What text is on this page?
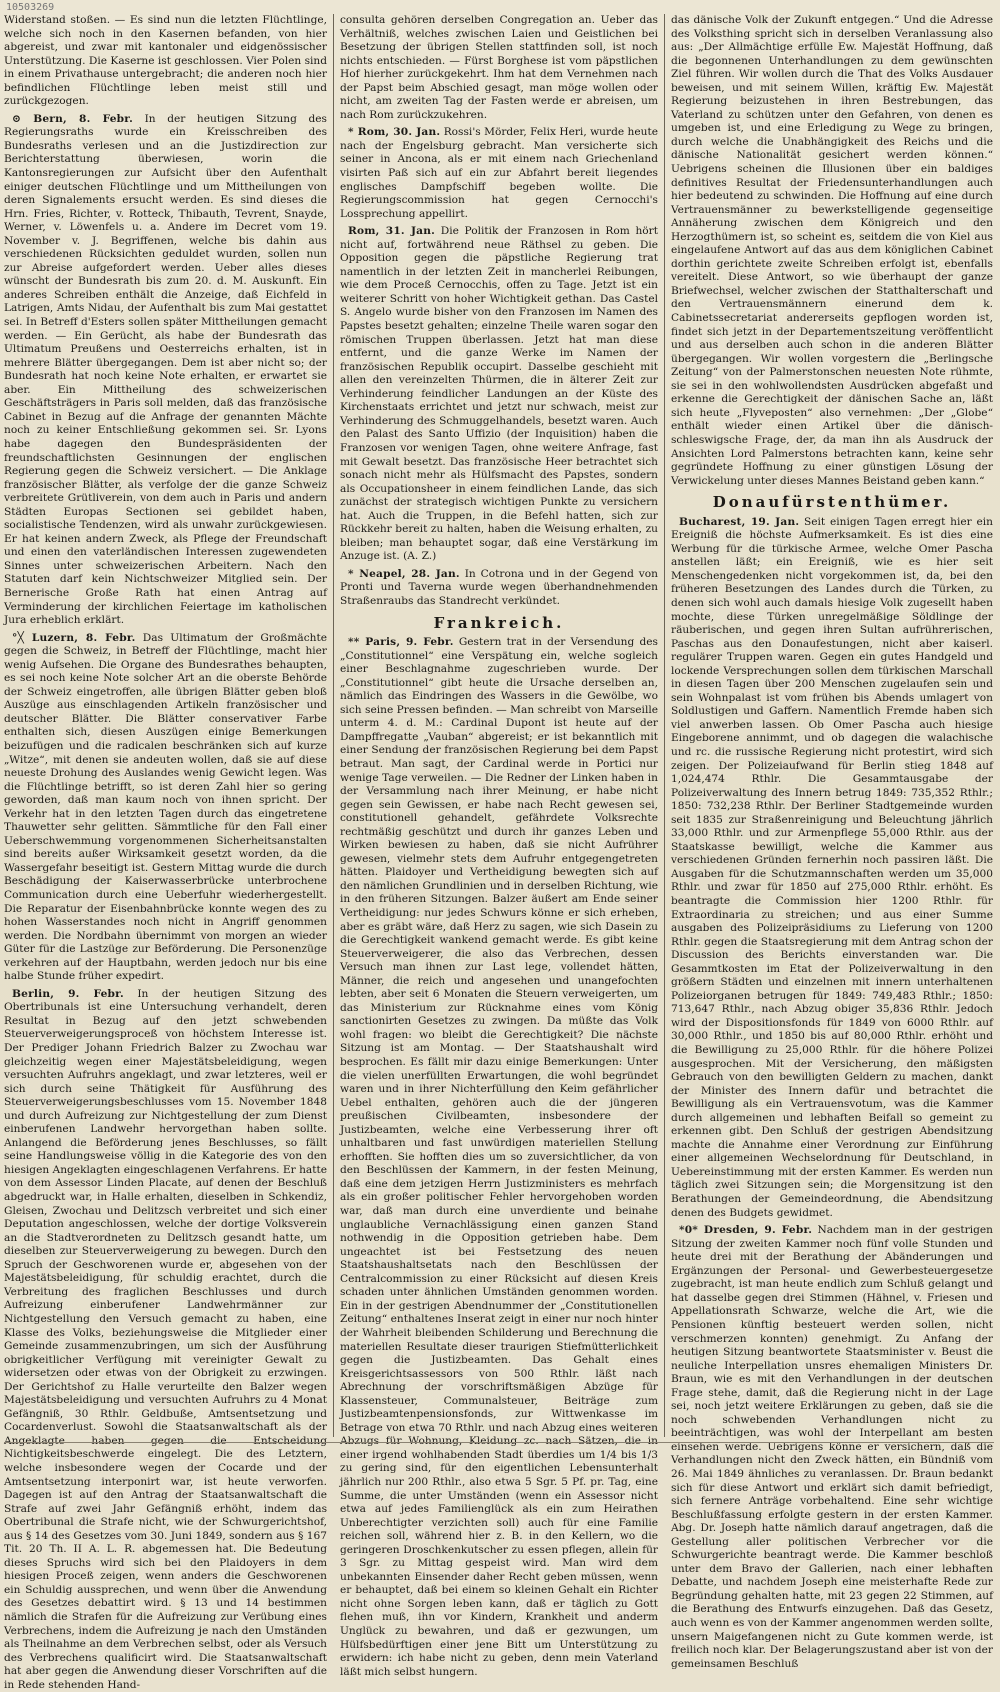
10503269

Widerstand stoßen. — Es sind nun die letzten Flüchtlinge, welche sich noch in den Kasernen befanden, von hier abgereist, und zwar mit kantonaler und eidgenössischer Unterstützung. Die Kaserne ist geschlossen. Vier Polen sind in einem Privathause untergebracht; die anderen noch hier befindlichen Flüchtlinge leben meist still und zurückgezogen.

⊙ Bern, 8. Febr. In der heutigen Sitzung des Regierungsraths wurde ein Kreisschreiben des Bundesraths verlesen und an die Justizdirection zur Berichterstattung überwiesen, worin die Kantonsregierungen zur Aufsicht über den Aufenthalt einiger deutschen Flüchtlinge und um Mittheilungen von deren Signalements ersucht werden. Es sind dieses die Hrn. Fries, Richter, v. Rotteck, Thibauth, Tevrent, Snayde, Werner, v. Löwenfels u. a. Andere im Decret vom 19. November v. J. Begriffenen, welche bis dahin aus verschiedenen Rücksichten geduldet wurden, sollen nun zur Abreise aufgefordert werden. Ueber alles dieses wünscht der Bundesrath bis zum 20. d. M. Auskunft. Ein anderes Schreiben enthält die Anzeige, daß Eichfeld in Latrigen, Amts Nidau, der Aufenthalt bis zum Mai gestattet sei. In Betreff d'Esters sollen später Mittheilungen gemacht werden. — Ein Gerücht, als habe der Bundesrath das Ultimatum Preußens und Oesterreichs erhalten, ist in mehrere Blätter übergegangen. Dem ist aber nicht so; der Bundesrath hat noch keine Note erhalten, er erwartet sie aber. Ein Mittheilung des schweizerischen Geschäftsträgers in Paris soll melden, daß das französische Cabinet in Bezug auf die Anfrage der genannten Mächte noch zu keiner Entschließung gekommen sei. Sr. Lyons habe dagegen den Bundespräsidenten der freundschaftlichsten Gesinnungen der englischen Regierung gegen die Schweiz versichert. — Die Anklage französischer Blätter, als verfolge der die ganze Schweiz verbreitete Grütliverein, von dem auch in Paris und andern Städten Europas Sectionen sei gebildet haben, socialistische Tendenzen, wird als unwahr zurückgewiesen. Er hat keinen andern Zweck, als Pflege der Freundschaft und einen den vaterländischen Interessen zugewendeten Sinnes unter schweizerischen Arbeitern. Nach den Statuten darf kein Nichtschweizer Mitglied sein. Der Bernerische Große Rath hat einen Antrag auf Verminderung der kirchlichen Feiertage im katholischen Jura erheblich erklärt.

°╳ Luzern, 8. Febr. Das Ultimatum der Großmächte gegen die Schweiz, in Betreff der Flüchtlinge, macht hier wenig Aufsehen. Die Organe des Bundesrathes behaupten, es sei noch keine Note solcher Art an die oberste Behörde der Schweiz eingetroffen, alle übrigen Blätter geben bloß Auszüge aus einschlagenden Artikeln französischer und deutscher Blätter. Die Blätter conservativer Farbe enthalten sich, diesen Auszügen einige Bemerkungen beizufügen und die radicalen beschränken sich auf kurze „Witze“, mit denen sie andeuten wollen, daß sie auf diese neueste Drohung des Auslandes wenig Gewicht legen. Was die Flüchtlinge betrifft, so ist deren Zahl hier so gering geworden, daß man kaum noch von ihnen spricht. Der Verkehr hat in den letzten Tagen durch das eingetretene Thauwetter sehr gelitten. Sämmtliche für den Fall einer Ueberschwemmung vorgenommenen Sicherheitsanstalten sind bereits außer Wirksamkeit gesetzt worden, da die Wassergefahr beseitigt ist. Gestern Mittag wurde die durch Beschädigung der Kaiserwasserbrücke unterbrochene Communication durch eine Ueberfuhr wiederhergestellt. Die Reparatur der Eisenbahnbrücke konnte wegen des zu hohen Wasserstandes noch nicht in Angriff genommen werden. Die Nordbahn übernimmt von morgen an wieder Güter für die Lastzüge zur Beförderung. Die Personenzüge verkehren auf der Hauptbahn, werden jedoch nur bis eine halbe Stunde früher expedirt.

Berlin, 9. Febr. In der heutigen Sitzung des Obertribunals ist eine Untersuchung verhandelt, deren Resultat in Bezug auf den jetzt schwebenden Steuerverweigerungsproceß von höchstem Interesse ist. Der Prediger Johann Friedrich Balzer zu Zwochau war gleichzeitig wegen einer Majestätsbeleidigung, wegen versuchten Aufruhrs angeklagt, und zwar letzteres, weil er sich durch seine Thätigkeit für Ausführung des Steuerverweigerungsbeschlusses vom 15. November 1848 und durch Aufreizung zur Nichtgestellung der zum Dienst einberufenen Landwehr hervorgethan haben sollte. Anlangend die Beförderung jenes Beschlusses, so fällt seine Handlungsweise völlig in die Kategorie des von den hiesigen Angeklagten eingeschlagenen Verfahrens. Er hatte von dem Assessor Linden Placate, auf denen der Beschluß abgedruckt war, in Halle erhalten, dieselben in Schkendiz, Gleisen, Zwochau und Delitzsch verbreitet und sich einer Deputation angeschlossen, welche der dortige Volksverein an die Stadtverordneten zu Delitzsch gesandt hatte, um dieselben zur Steuerverweigerung zu bewegen. Durch den Spruch der Geschworenen wurde er, abgesehen von der Majestätsbeleidigung, für schuldig erachtet, durch die Verbreitung des fraglichen Beschlusses und durch Aufreizung einberufener Landwehrmänner zur Nichtgestellung den Versuch gemacht zu haben, eine Klasse des Volks, beziehungsweise die Mitglieder einer Gemeinde zusammenzubringen, um sich der Ausführung obrigkeitlicher Verfügung mit vereinigter Gewalt zu widersetzen oder etwas von der Obrigkeit zu erzwingen. Der Gerichtshof zu Halle verurteilte den Balzer wegen Majestätsbeleidigung und versuchten Aufruhrs zu 4 Monat Gefängniß, 30 Rthlr. Geldbuße, Amtsentsetzung und Cocardenverlust. Sowohl die Staatsanwaltschaft als der Angeklagte haben gegen die Entscheidung Nichtigkeitsbeschwerde eingelegt. Die des Letztern, welche insbesondere wegen der Cocarde und der Amtsentsetzung interponirt war, ist heute verworfen. Dagegen ist auf den Antrag der Staatsanwaltschaft die Strafe auf zwei Jahr Gefängniß erhöht, indem das Obertribunal die Strafe nicht, wie der Schwurgerichtshof, aus § 14 des Gesetzes vom 30. Juni 1849, sondern aus § 167 Tit. 20 Th. II A. L. R. abgemessen hat. Die Bedeutung dieses Spruchs wird sich bei den Plaidoyers in dem hiesigen Proceß zeigen, wenn anders die Geschworenen ein Schuldig aussprechen, und wenn über die Anwendung des Gesetzes debattirt wird. § 13 und 14 bestimmen nämlich die Strafen für die Aufreizung zur Verübung eines Verbrechens, indem die Aufreizung je nach den Umständen als Theilnahme an dem Verbrechen selbst, oder als Versuch des Verbrechens qualificirt wird. Die Staatsanwaltschaft hat aber gegen die Anwendung dieser Vorschriften auf die in Rede stehenden Hand-

consulta gehören derselben Congregation an. Ueber das Verhältniß, welches zwischen Laien und Geistlichen bei Besetzung der übrigen Stellen stattfinden soll, ist noch nichts entschieden. — Fürst Borghese ist vom päpstlichen Hof hierher zurückgekehrt. Ihm hat dem Vernehmen nach der Papst beim Abschied gesagt, man möge wollen oder nicht, am zweiten Tag der Fasten werde er abreisen, um nach Rom zurückzukehren.

* Rom, 30. Jan. Rossi's Mörder, Felix Heri, wurde heute nach der Engelsburg gebracht. Man versicherte sich seiner in Ancona, als er mit einem nach Griechenland visirten Paß sich auf ein zur Abfahrt bereit liegendes englisches Dampfschiff begeben wollte. Die Regierungscommission hat gegen Cernocchi's Lossprechung appellirt.

Rom, 31. Jan. Die Politik der Franzosen in Rom hört nicht auf, fortwährend neue Räthsel zu geben. Die Opposition gegen die päpstliche Regierung trat namentlich in der letzten Zeit in mancherlei Reibungen, wie dem Proceß Cernocchis, offen zu Tage. Jetzt ist ein weiterer Schritt von hoher Wichtigkeit gethan. Das Castel S. Angelo wurde bisher von den Franzosen im Namen des Papstes besetzt gehalten; einzelne Theile waren sogar den römischen Truppen überlassen. Jetzt hat man diese entfernt, und die ganze Werke im Namen der französischen Republik occupirt. Dasselbe geschieht mit allen den vereinzelten Thürmen, die in älterer Zeit zur Verhinderung feindlicher Landungen an der Küste des Kirchenstaats errichtet und jetzt nur schwach, meist zur Verhinderung des Schmuggelhandels, besetzt waren. Auch den Palast des Santo Uffizio (der Inquisition) haben die Franzosen vor wenigen Tagen, ohne weitere Anfrage, fast mit Gewalt besetzt. Das französische Heer betrachtet sich sonach nicht mehr als Hülfsmacht des Papstes, sondern als Occupationsheer in einem feindlichen Lande, das sich zunächst der strategisch wichtigen Punkte zu versichern hat. Auch die Truppen, in die Befehl hatten, sich zur Rückkehr bereit zu halten, haben die Weisung erhalten, zu bleiben; man behauptet sogar, daß eine Verstärkung im Anzuge ist. (A. Z.)

* Neapel, 28. Jan. In Cotrona und in der Gegend von Pronti und Taverna wurde wegen überhandnehmenden Straßenraubs das Standrecht verkündet.

Frankreich.

** Paris, 9. Febr. Gestern trat in der Versendung des „Constitutionnel“ eine Verspätung ein, welche sogleich einer Beschlagnahme zugeschrieben wurde. Der „Constitutionnel“ gibt heute die Ursache derselben an, nämlich das Eindringen des Wassers in die Gewölbe, wo sich seine Pressen befinden. — Man schreibt von Marseille unterm 4. d. M.: Cardinal Dupont ist heute auf der Dampffregatte „Vauban“ abgereist; er ist bekanntlich mit einer Sendung der französischen Regierung bei dem Papst betraut. Man sagt, der Cardinal werde in Portici nur wenige Tage verweilen. — Die Redner der Linken haben in der Versammlung nach ihrer Meinung, er habe nicht gegen sein Gewissen, er habe nach Recht gewesen sei, constitutionell gehandelt, gefährdete Volksrechte rechtmäßig geschützt und durch ihr ganzes Leben und Wirken bewiesen zu haben, daß sie nicht Aufrührer gewesen, vielmehr stets dem Aufruhr entgegengetreten hätten. Plaidoyer und Vertheidigung bewegten sich auf den nämlichen Grundlinien und in derselben Richtung, wie in den früheren Sitzungen. Balzer äußert am Ende seiner Vertheidigung: nur jedes Schwurs könne er sich erheben, aber es gräbt wäre, daß Herz zu sagen, wie sich Dasein zu die Gerechtigkeit wankend gemacht werde. Es gibt keine Steuerverweigerer, die also das Verbrechen, dessen Versuch man ihnen zur Last lege, vollendet hätten, Männer, die reich und angesehen und unangefochten lebten, aber seit 6 Monaten die Steuern verweigerten, um das Ministerium zur Rücknahme eines vom König sanctionirten Gesetzes zu zwingen. Da müßte das Volk wohl fragen: wo bleibt die Gerechtigkeit? Die nächste Sitzung ist am Montag. — Der Staatshaushalt wird besprochen. Es fällt mir dazu einige Bemerkungen: Unter die vielen unerfüllten Erwartungen, die wohl begründet waren und in ihrer Nichterfüllung den Keim gefährlicher Uebel enthalten, gehören auch die der jüngeren preußischen Civilbeamten, insbesondere der Justizbeamten, welche eine Verbesserung ihrer oft unhaltbaren und fast unwürdigen materiellen Stellung erhofften. Sie hofften dies um so zuversichtlicher, da von den Beschlüssen der Kammern, in der festen Meinung, daß eine dem jetzigen Herrn Justizministers es mehrfach als ein großer politischer Fehler hervorgehoben worden war, daß man durch eine unverdiente und beinahe unglaubliche Vernachlässigung einen ganzen Stand nothwendig in die Opposition getrieben habe. Dem ungeachtet ist bei Festsetzung des neuen Staatshaushaltsetats nach den Beschlüssen der Centralcommission zu einer Rücksicht auf diesen Kreis schaden unter ähnlichen Umständen genommen worden. Ein in der gestrigen Abendnummer der „Constitutionellen Zeitung“ enthaltenes Inserat zeigt in einer nur noch hinter der Wahrheit bleibenden Schilderung und Berechnung die materiellen Resultate dieser traurigen Stiefmütterlichkeit gegen die Justizbeamten. Das Gehalt eines Kreisgerichtsassessors von 500 Rthlr. läßt nach Abrechnung der vorschriftsmäßigen Abzüge für Klassensteuer, Communalsteuer, Beiträge zum Justizbeamtenpensionsfonds, zur Wittwenkasse im Betrage von etwa 70 Rthlr. und nach Abzug eines weiteren Abzugs für Wohnung, Kleidung zc. nach Sätzen, die in einer irgend wohlhabenden Stadt überdies um 1/4 bis 1/3 zu gering sind, für den eigentlichen Lebensunterhalt jährlich nur 200 Rthlr., also etwa 5 Sgr. 5 Pf. pr. Tag, eine Summe, die unter Umständen (wenn ein Assessor nicht etwa auf jedes Familienglück als ein zum Heirathen Unberechtigter verzichten soll) auch für eine Familie reichen soll, während hier z. B. in den Kellern, wo die geringeren Droschkenkutscher zu essen pflegen, allein für 3 Sgr. zu Mittag gespeist wird. Man wird dem unbekannten Einsender daher Recht geben müssen, wenn er behauptet, daß bei einem so kleinen Gehalt ein Richter nicht ohne Sorgen leben kann, daß er täglich zu Gott flehen muß, ihn vor Kindern, Krankheit und anderm Unglück zu bewahren, und daß er gezwungen, um Hülfsbedürftigen einer jene Bitt um Unterstützung zu erwidern: ich habe nicht zu geben, denn mein Vaterland läßt mich selbst hungern.

das dänische Volk der Zukunft entgegen.“ Und die Adresse des Volksthing spricht sich in derselben Veranlassung also aus: „Der Allmächtige erfülle Ew. Majestät Hoffnung, daß die begonnenen Unterhandlungen zu dem gewünschten Ziel führen. Wir wollen durch die That des Volks Ausdauer beweisen, und mit seinem Willen, kräftig Ew. Majestät Regierung beizustehen in ihren Bestrebungen, das Vaterland zu schützen unter den Gefahren, von denen es umgeben ist, und eine Erledigung zu Wege zu bringen, durch welche die Unabhängigkeit des Reichs und die dänische Nationalität gesichert werden können.“ Uebrigens scheinen die Illusionen über ein baldiges definitives Resultat der Friedensunterhandlungen auch hier bedeutend zu schwinden. Die Hoffnung auf eine durch Vertrauensmänner zu bewerkstelligende gegenseitige Annäherung zwischen dem Königreich und den Herzogthümern ist, so scheint es, seitdem die von Kiel aus eingelaufene Antwort auf das aus dem königlichen Cabinet dorthin gerichtete zweite Schreiben erfolgt ist, ebenfalls vereitelt. Diese Antwort, so wie überhaupt der ganze Briefwechsel, welcher zwischen der Statthalterschaft und den Vertrauensmännern einerund dem k. Cabinetssecretariat andererseits gepflogen worden ist, findet sich jetzt in der Departementszeitung veröffentlicht und aus derselben auch schon in die anderen Blätter übergegangen. Wir wollen vorgestern die „Berlingsche Zeitung“ von der Palmerstonschen neuesten Note rühmte, sie sei in den wohlwollendsten Ausdrücken abgefaßt und erkenne die Gerechtigkeit der dänischen Sache an, läßt sich heute „Flyveposten“ also vernehmen: „Der „Globe“ enthält wieder einen Artikel über die dänisch-schleswigsche Frage, der, da man ihn als Ausdruck der Ansichten Lord Palmerstons betrachten kann, keine sehr gegründete Hoffnung zu einer günstigen Lösung der Verwickelung unter dieses Mannes Beistand geben kann.“

Donaufürstenthümer.

Bucharest, 19. Jan. Seit einigen Tagen erregt hier ein Ereigniß die höchste Aufmerksamkeit. Es ist dies eine Werbung für die türkische Armee, welche Omer Pascha anstellen läßt; ein Ereigniß, wie es hier seit Menschengedenken nicht vorgekommen ist, da, bei den früheren Besetzungen des Landes durch die Türken, zu denen sich wohl auch damals hiesige Volk zugesellt haben mochte, diese Türken unregelmäßige Söldlinge der räuberischen, und gegen ihren Sultan aufrührerischen, Paschas aus den Donaufestungen, nicht aber kaiserl. regulärer Truppen waren. Gegen ein gutes Handgeld und lockende Versprechungen sollen dem türkischen Marschall in diesen Tagen über 200 Menschen zugelaufen sein und sein Wohnpalast ist vom frühen bis Abends umlagert von Soldlustigen und Gaffern. Namentlich Fremde haben sich viel anwerben lassen. Ob Omer Pascha auch hiesige Eingeborene annimmt, und ob dagegen die walachische und rc. die russische Regierung nicht protestirt, wird sich zeigen. Der Polizeiaufwand für Berlin stieg 1848 auf 1,024,474 Rthlr. Die Gesammtausgabe der Polizeiverwaltung des Innern betrug 1849: 735,352 Rthlr.; 1850: 732,238 Rthlr. Der Berliner Stadtgemeinde wurden seit 1835 zur Straßenreinigung und Beleuchtung jährlich 33,000 Rthlr. und zur Armenpflege 55,000 Rthlr. aus der Staatskasse bewilligt, welche die Kammer aus verschiedenen Gründen fernerhin noch passiren läßt. Die Ausgaben für die Schutzmannschaften werden um 35,000 Rthlr. und zwar für 1850 auf 275,000 Rthlr. erhöht. Es beantragte die Commission hier 1200 Rthlr. für Extraordinaria zu streichen; und aus einer Summe ausgaben des Polizeipräsidiums zu Lieferung von 1200 Rthlr. gegen die Staatsregierung mit dem Antrag schon der Discussion des Berichts einverstanden war. Die Gesammtkosten im Etat der Polizeiverwaltung in den größern Städten und einzelnen mit innern unterhaltenen Polizeiorganen betrugen für 1849: 749,483 Rthlr.; 1850: 713,647 Rthlr., nach Abzug obiger 35,836 Rthlr. Jedoch wird der Dispositionsfonds für 1849 von 6000 Rthlr. auf 30,000 Rthlr., und 1850 bis auf 80,000 Rthlr. erhöht und die Bewilligung zu 25,000 Rthlr. für die höhere Polizei ausgesprochen. Mit der Versicherung, den mäßigsten Gebrauch von den bewilligten Geldern zu machen, dankt der Minister des Innern dafür und betrachtet die Bewilligung als ein Vertrauensvotum, was die Kammer durch allgemeinen und lebhaften Beifall so gemeint zu erkennen gibt. Den Schluß der gestrigen Abendsitzung machte die Annahme einer Verordnung zur Einführung einer allgemeinen Wechselordnung für Deutschland, in Uebereinstimmung mit der ersten Kammer. Es werden nun täglich zwei Sitzungen sein; die Morgensitzung ist den Berathungen der Gemeindeordnung, die Abendsitzung denen des Budgets gewidmet.

*0* Dresden, 9. Febr. Nachdem man in der gestrigen Sitzung der zweiten Kammer noch fünf volle Stunden und heute drei mit der Berathung der Abänderungen und Ergänzungen der Personal- und Gewerbesteuergesetze zugebracht, ist man heute endlich zum Schluß gelangt und hat dasselbe gegen drei Stimmen (Hähnel, v. Friesen und Appellationsrath Schwarze, welche die Art, wie die Pensionen künftig besteuert werden sollen, nicht verschmerzen konnten) genehmigt. Zu Anfang der heutigen Sitzung beantwortete Staatsminister v. Beust die neuliche Interpellation unsres ehemaligen Ministers Dr. Braun, wie es mit den Verhandlungen in der deutschen Frage stehe, damit, daß die Regierung nicht in der Lage sei, noch jetzt weitere Erklärungen zu geben, daß sie die noch schwebenden Verhandlungen nicht zu beeinträchtigen, was wohl der Interpellant am besten einsehen werde. Uebrigens könne er versichern, daß die Verhandlungen nicht den Zweck hätten, ein Bündniß vom 26. Mai 1849 ähnliches zu veranlassen. Dr. Braun bedankt sich für diese Antwort und erklärt sich damit befriedigt, sich fernere Anträge vorbehaltend. Eine sehr wichtige Beschlußfassung erfolgte gestern in der ersten Kammer. Abg. Dr. Joseph hatte nämlich darauf angetragen, daß die Gestellung aller politischen Verbrecher vor die Schwurgerichte beantragt werde. Die Kammer beschloß unter dem Bravo der Gallerien, nach einer lebhaften Debatte, und nachdem Joseph eine meisterhafte Rede zur Begründung gehalten hatte, mit 23 gegen 22 Stimmen, auf die Berathung des Entwurfs einzugehen. Daß das Gesetz, auch wenn es von der Kammer angenommen werden sollte, unsern Maigefangenen nicht zu Gute kommen werde, ist freilich noch klar. Der Belagerungszustand aber ist von der gemeinsamen Beschluß
